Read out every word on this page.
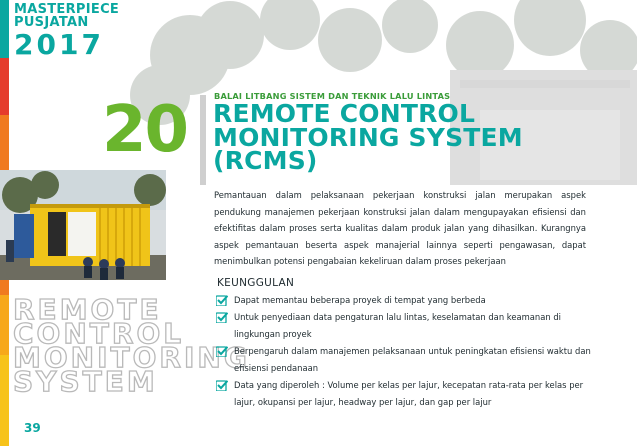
MASTERPIECE
PUSJATAN
2017
20	BALAI LITBANG SISTEM DAN TEKNIK LALU LINTAS
REMOTE CONTROL
MONITORING SYSTEM
(RCMS)
Pemantauan dalam pelaksanaan pekerjaan konstruksi jalan merupakan aspek pendukung manajemen pekerjaan konstruksi jalan dalam mengupayakan efisiensi dan efektifitas dalam proses serta kualitas dalam produk jalan yang dihasilkan. Kurangnya aspek pemantauan beserta aspek manajerial lainnya seperti pengawasan, dapat menimbulkan potensi pengabaian kekeliruan dalam proses pekerjaan
REMOTE
CONTROL
MONITORING
SYSTEM
KEUNGGULAN
Dapat memantau beberapa proyek di tempat yang berbeda
Untuk penyediaan data pengaturan lalu lintas, keselamatan dan keamanan di lingkungan proyek
Berpengaruh dalam manajemen pelaksanaan untuk peningkatan efisiensi waktu dan efisiensi pendanaan
Data yang diperoleh : Volume per kelas per lajur, kecepatan rata-rata per kelas per lajur, okupansi per lajur, headway per lajur, dan gap per lajur
39
